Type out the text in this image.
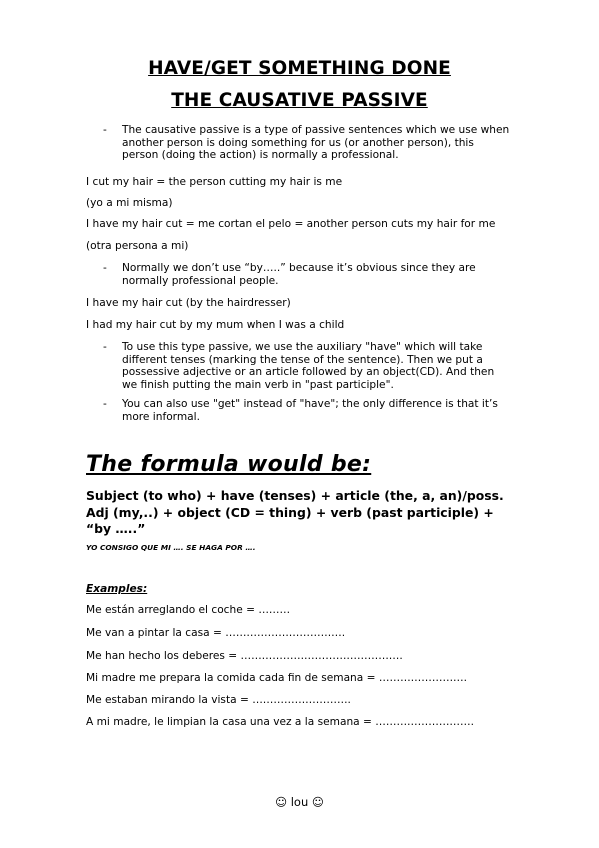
HAVE/GET SOMETHING DONE
THE CAUSATIVE PASSIVE
- The causative passive is a type of passive sentences which we use when another person is doing something for us (or another person), this person (doing the action) is normally a professional.
I cut my hair = the person cutting my hair is me
(yo a mi misma)
I have my hair cut = me cortan el pelo = another person cuts my hair for me
(otra persona a mi)
- Normally we don’t use “by…..” because it’s obvious since they are normally professional people.
I have my hair cut (by the hairdresser)
I had my hair cut by my mum when I was a child
- To use this type passive, we use the auxiliary "have" which will take different tenses (marking the tense of the sentence). Then we put a possessive adjective or an article followed by an object(CD). And then we finish putting the main verb in "past participle".
- You can also use "get" instead of "have"; the only difference is that it’s more informal.
The formula would be:
Subject (to who) + have (tenses) + article (the, a, an)/poss. Adj (my,..) + object (CD = thing) + verb (past participle) + “by …..”
YO CONSIGO QUE MI …. SE HAGA POR ….
Examples:
Me están arreglando el coche = ………
Me van a pintar la casa = …………………………….
Me han hecho los deberes = ……………………………………….
Mi madre me prepara la comida cada fin de semana = …………………….
Me estaban mirando la vista = ……………………….
A mi madre, le limpian la casa una vez a la semana = ……………………….
☺ lou ☺
